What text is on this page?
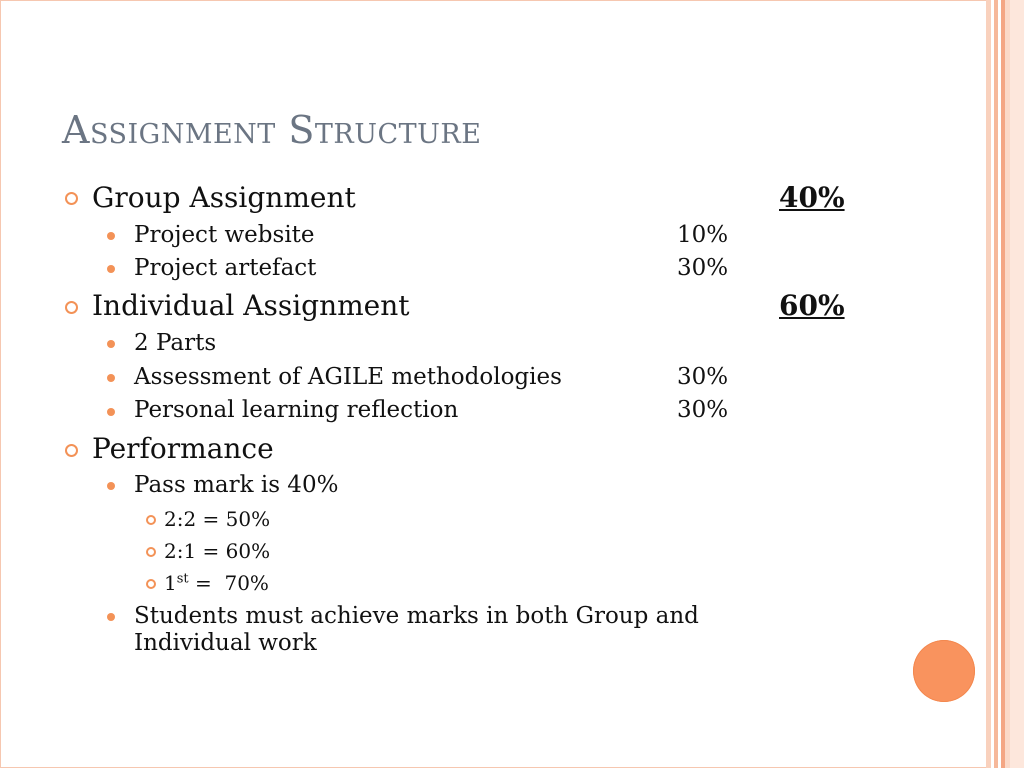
Assignment Structure
Group Assignment	40%
Project website	10%
Project artefact	30%
Individual Assignment	60%
2 Parts
Assessment of AGILE methodologies	30%
Personal learning reflection	30%
Performance
Pass mark is 40%
2:2 = 50%
2:1 = 60%
1st =  70%
Students must achieve marks in both Group and
Individual work
